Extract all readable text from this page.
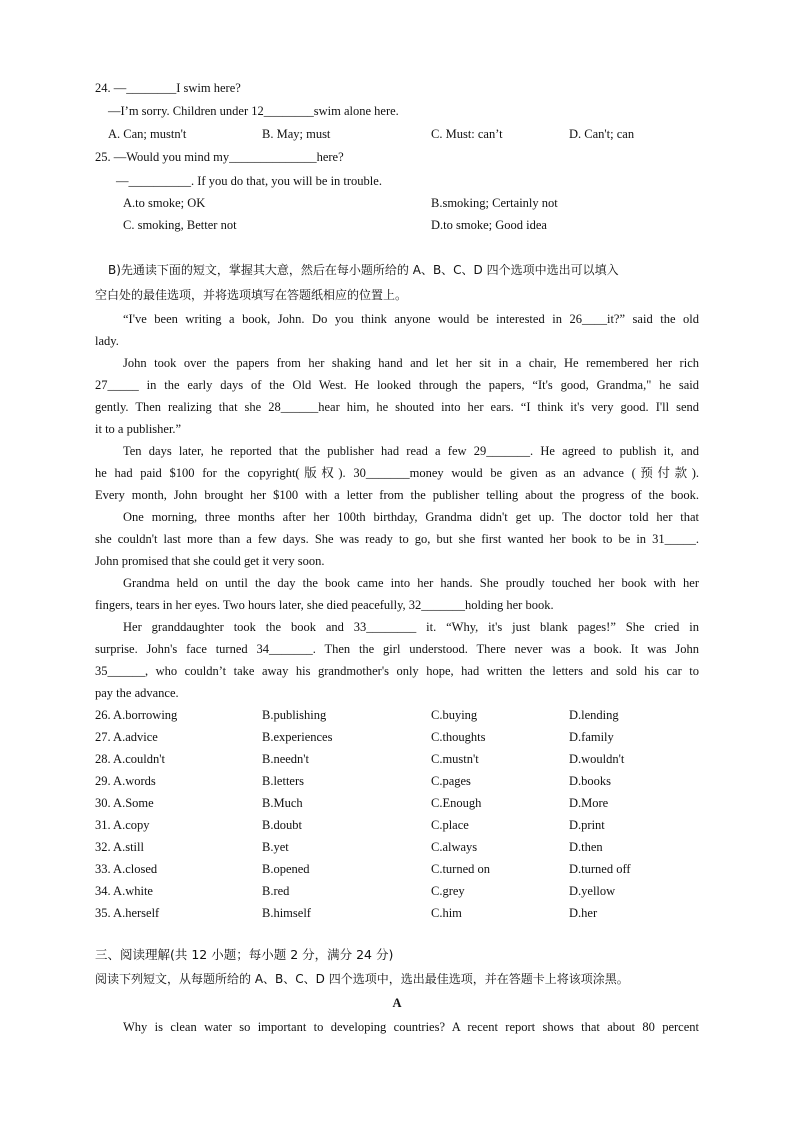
24. —________I swim here?
—I’m sorry. Children under 12________swim alone here.
A. Can; mustn't	B. May; must	C. Must: can’t	D. Can't; can
25. —Would you mind my______________here?
—__________. If you do that, you will be in trouble.
A.to smoke; OK	B.smoking; Certainly not
C. smoking, Better not	D.to smoke; Good idea
B)先通读下面的短文，掌握其大意，然后在每小题所给的 A、B、C、D 四个选项中选出可以填入
空白处的最佳选项，并将选项填写在答题纸相应的位置上。
“I've been writing a book, John. Do you think anyone would be interested in 26____it?” said the old
lady.
John took over the papers from her shaking hand and let her sit in a chair, He remembered her rich
27_____ in the early days of the Old West. He looked through the papers, “It's good, Grandma," he said
gently. Then realizing that she 28______hear him, he shouted into her ears. “I think it's very good. I'll send
it to a publisher.”
Ten days later, he reported that the publisher had read a few 29_______. He agreed to publish it, and
he had paid $100 for the copyright(版权). 30_______money would be given as an advance (预付款).
Every month, John brought her $100 with a letter from the publisher telling about the progress of the book.
One morning, three months after her 100th birthday, Grandma didn't get up. The doctor told her that
she couldn't last more than a few days. She was ready to go, but she first wanted her book to be in 31_____.
John promised that she could get it very soon.
Grandma held on until the day the book came into her hands. She proudly touched her book with her
fingers, tears in her eyes. Two hours later, she died peacefully, 32_______holding her book.
Her granddaughter took the book and 33________ it. “Why, it's just blank pages!” She cried in
surprise. John's face turned 34_______. Then the girl understood. There never was a book. It was John
35______, who couldn’t take away his grandmother's only hope, had written the letters and sold his car to
pay the advance.
26. A.borrowing	B.publishing	C.buying	D.lending
27. A.advice	B.experiences	C.thoughts	D.family
28. A.couldn't	B.needn't	C.mustn't	D.wouldn't
29. A.words	B.letters	C.pages	D.books
30. A.Some	B.Much	C.Enough	D.More
31. A.copy	B.doubt	C.place	D.print
32. A.still	B.yet	C.always	D.then
33. A.closed	B.opened	C.turned on	D.turned off
34. A.white	B.red	C.grey	D.yellow
35. A.herself	B.himself	C.him	D.her
三、阅读理解(共 12 小题；每小题 2 分，满分 24 分)
阅读下列短文，从每题所给的 A、B、C、D 四个选项中，选出最佳选项，并在答题卡上将该项涂黑。
A
Why is clean water so important to developing countries? A recent report shows that about 80 percent
